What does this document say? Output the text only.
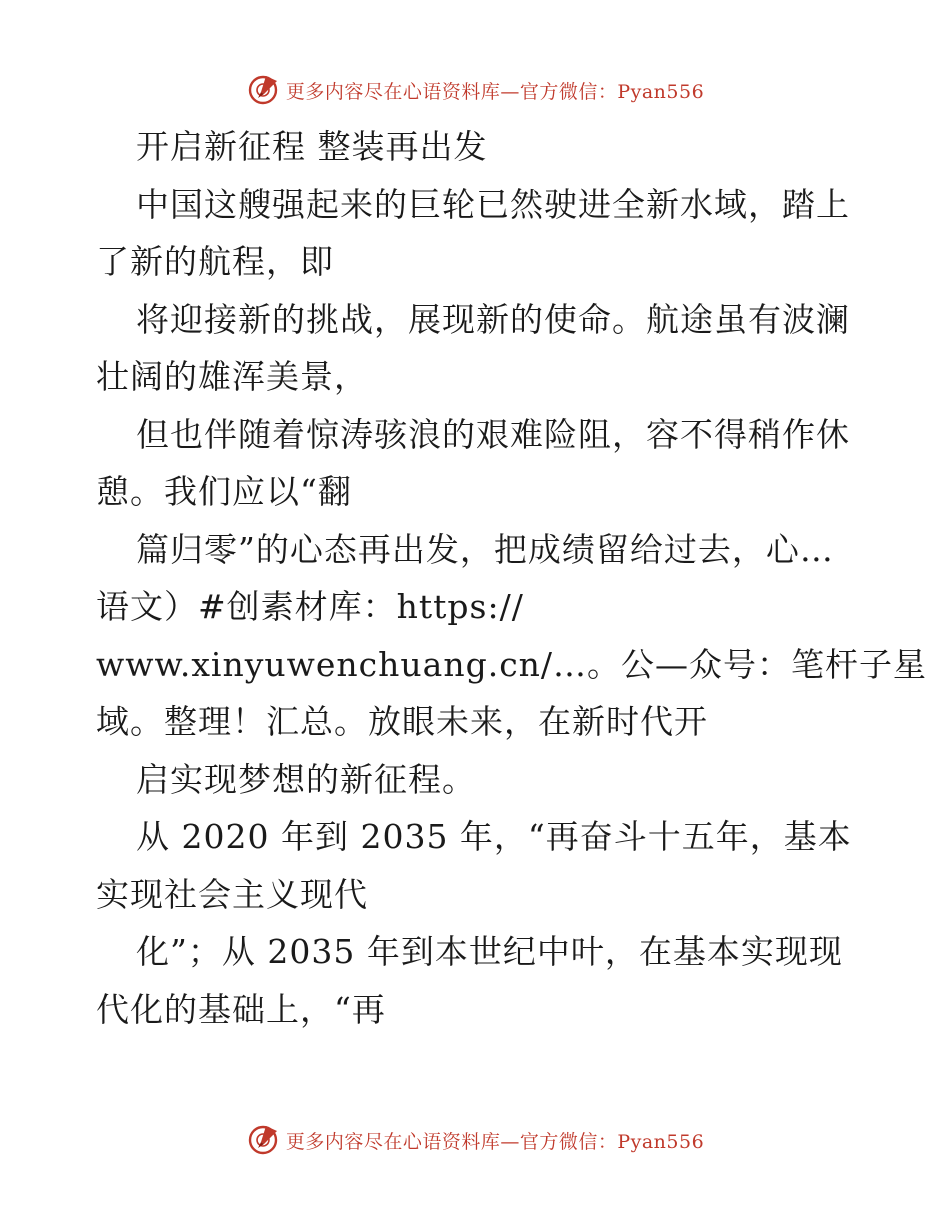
更多内容尽在心语资料库—官方微信：Pyan556
开启新征程 整装再出发
中国这艘强起来的巨轮已然驶进全新水域，踏上
了新的航程，即
将迎接新的挑战，展现新的使命。航途虽有波澜
壮阔的雄浑美景，
但也伴随着惊涛骇浪的艰难险阻，容不得稍作休
憩。我们应以“翻
篇归零”的心态再出发，把成绩留给过去，心…
语文）#创素材库：https://
www.xinyuwenchuang.cn/…。公—众号：笔杆子星
域。整理！汇总。放眼未来，在新时代开
启实现梦想的新征程。
从 2020 年到 2035 年，“再奋斗十五年，基本
实现社会主义现代
化”；从 2035 年到本世纪中叶，在基本实现现
代化的基础上，“再
更多内容尽在心语资料库—官方微信：Pyan556
